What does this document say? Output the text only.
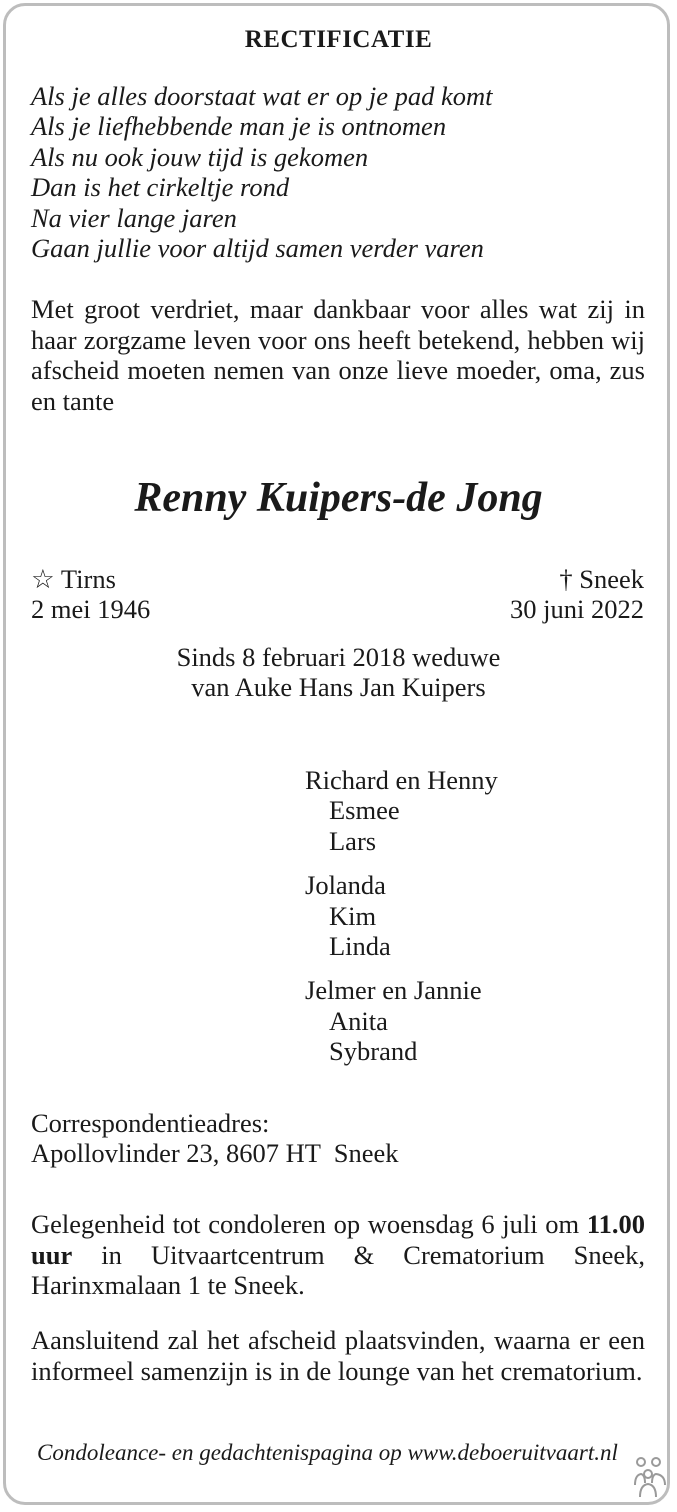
RECTIFICATIE
Als je alles doorstaat wat er op je pad komt
Als je liefhebbende man je is ontnomen
Als nu ook jouw tijd is gekomen
Dan is het cirkeltje rond
Na vier lange jaren
Gaan jullie voor altijd samen verder varen
Met groot verdriet, maar dankbaar voor alles wat zij in haar zorgzame leven voor ons heeft betekend, hebben wij afscheid moeten nemen van onze lieve moeder, oma, zus en tante
Renny Kuipers-de Jong
☆ Tirns
2 mei 1946
† Sneek
30 juni 2022
Sinds 8 februari 2018 weduwe
van Auke Hans Jan Kuipers
Richard en Henny
Esmee
Lars
Jolanda
Kim
Linda
Jelmer en Jannie
Anita
Sybrand
Correspondentieadres:
Apollovlinder 23, 8607 HT  Sneek
Gelegenheid tot condoleren op woensdag 6 juli om 11.00 uur in Uitvaartcentrum & Crematorium Sneek, Harinxmalaan 1 te Sneek.
Aansluitend zal het afscheid plaatsvinden, waarna er een informeel samenzijn is in de lounge van het crematorium.
Condoleance- en gedachtenispagina op www.deboeruitvaart.nl
